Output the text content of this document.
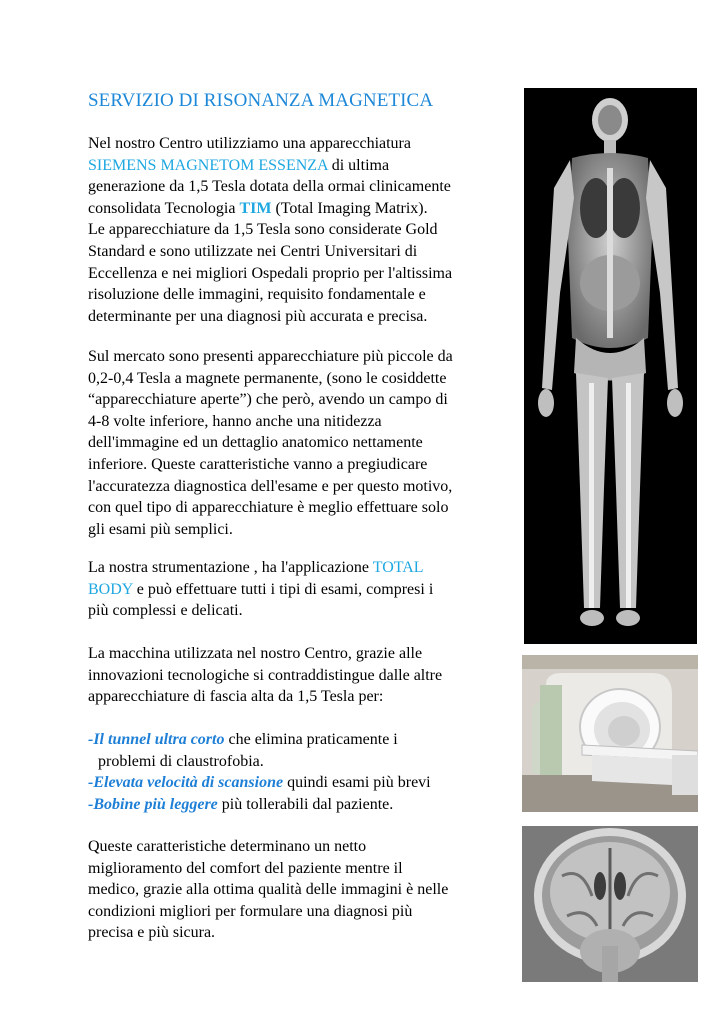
SERVIZIO DI RISONANZA MAGNETICA
Nel nostro Centro utilizziamo una apparecchiatura
SIEMENS MAGNETOM ESSENZA di ultima
generazione da 1,5 Tesla dotata della ormai clinicamente
consolidata Tecnologia TIM (Total Imaging Matrix).
Le apparecchiature da 1,5 Tesla sono considerate Gold
Standard e sono utilizzate nei Centri Universitari di
Eccellenza e nei migliori Ospedali proprio per l'altissima
risoluzione delle immagini, requisito fondamentale e
determinante per una diagnosi più accurata e precisa.
Sul mercato sono presenti apparecchiature più piccole da
0,2-0,4 Tesla a magnete permanente, (sono le cosiddette
“apparecchiature aperte”) che però, avendo un campo di
4-8 volte inferiore, hanno anche una nitidezza
dell'immagine ed un dettaglio anatomico nettamente
inferiore. Queste caratteristiche vanno a pregiudicare
l'accuratezza diagnostica dell'esame e per questo motivo,
con quel tipo di apparecchiature è meglio effettuare solo
gli esami più semplici.
La nostra strumentazione , ha l'applicazione TOTAL
BODY e può effettuare tutti i tipi di esami, compresi i
più complessi e delicati.
La macchina utilizzata nel nostro Centro, grazie alle
innovazioni tecnologiche si contraddistingue dalle altre
apparecchiature di fascia alta da 1,5 Tesla per:
-Il tunnel ultra corto che elimina praticamente i
problemi di claustrofobia.
-Elevata velocità di scansione quindi esami più brevi
-Bobine più leggere più tollerabili dal paziente.
Queste caratteristiche determinano un netto
miglioramento del comfort del paziente mentre il
medico, grazie alla ottima qualità delle immagini è nelle
condizioni migliori per formulare una diagnosi più
precisa e più sicura.
